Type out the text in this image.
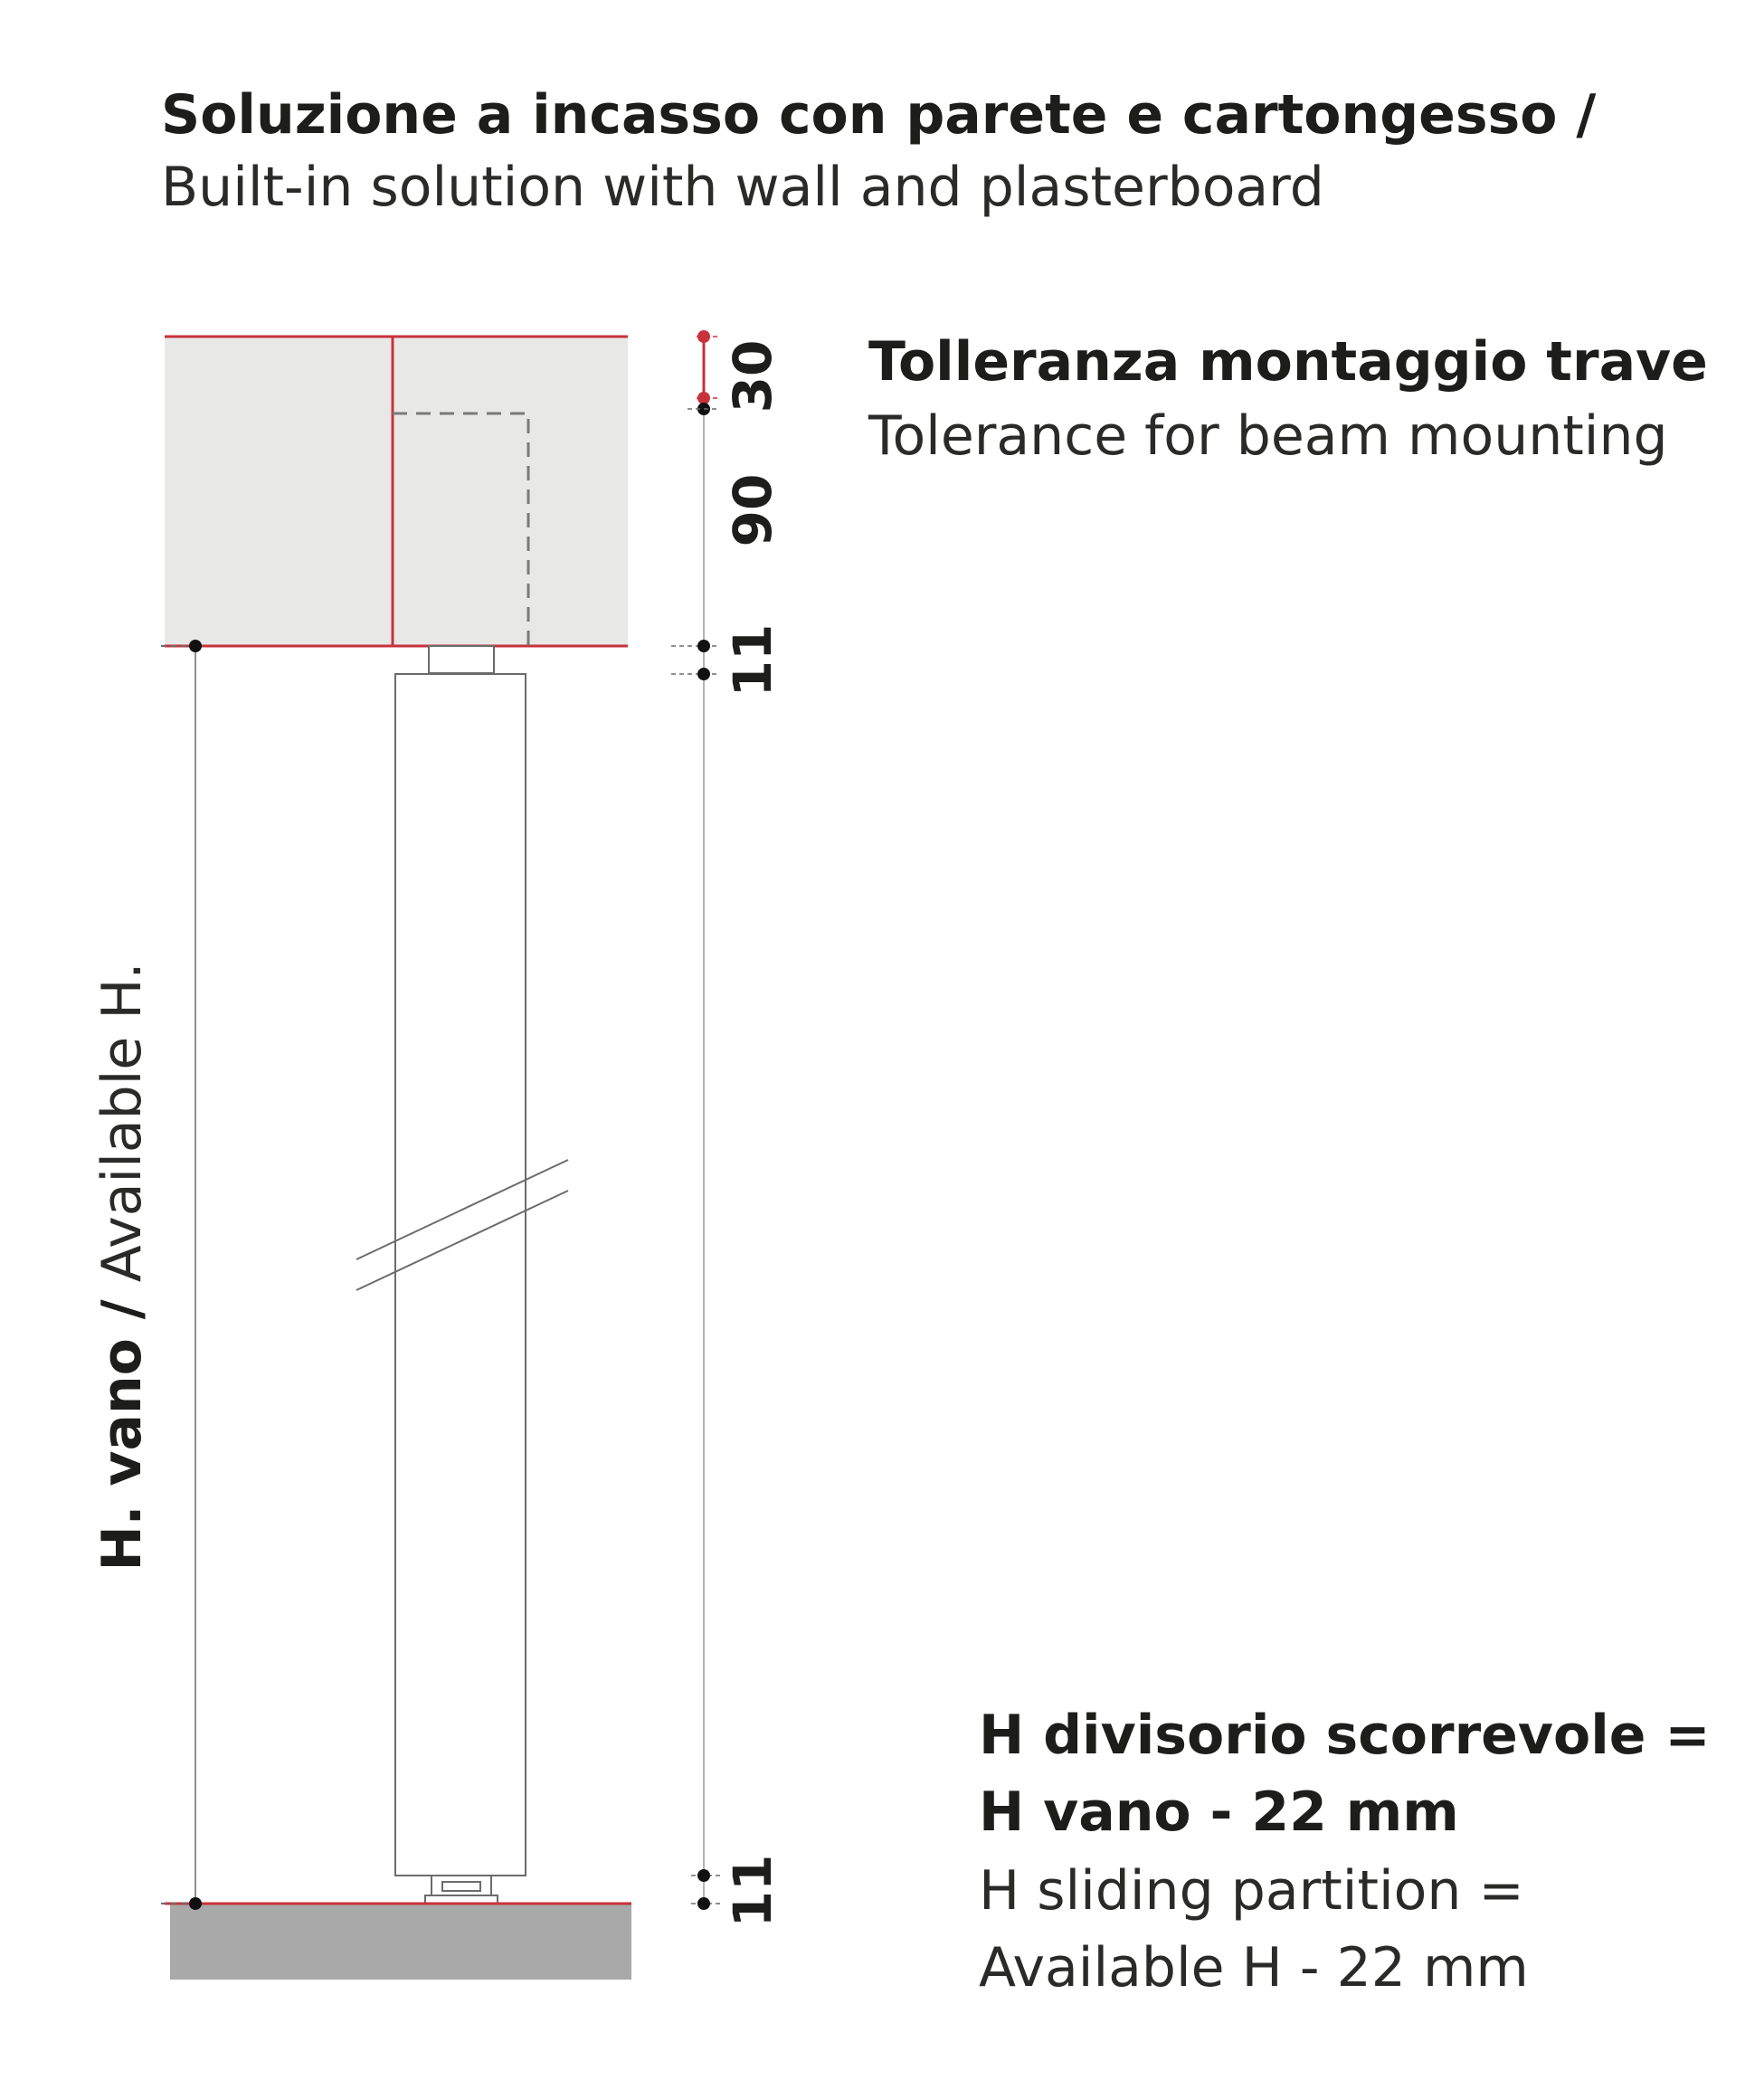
Soluzione a incasso con parete e cartongesso /
Built-in solution with wall and plasterboard
Tolleranza montaggio trave
Tolerance for beam mounting
H. vano / Available H.
H divisorio scorrevole =
H vano - 22 mm
H sliding partition =
Available H - 22 mm
30
90
11
11
